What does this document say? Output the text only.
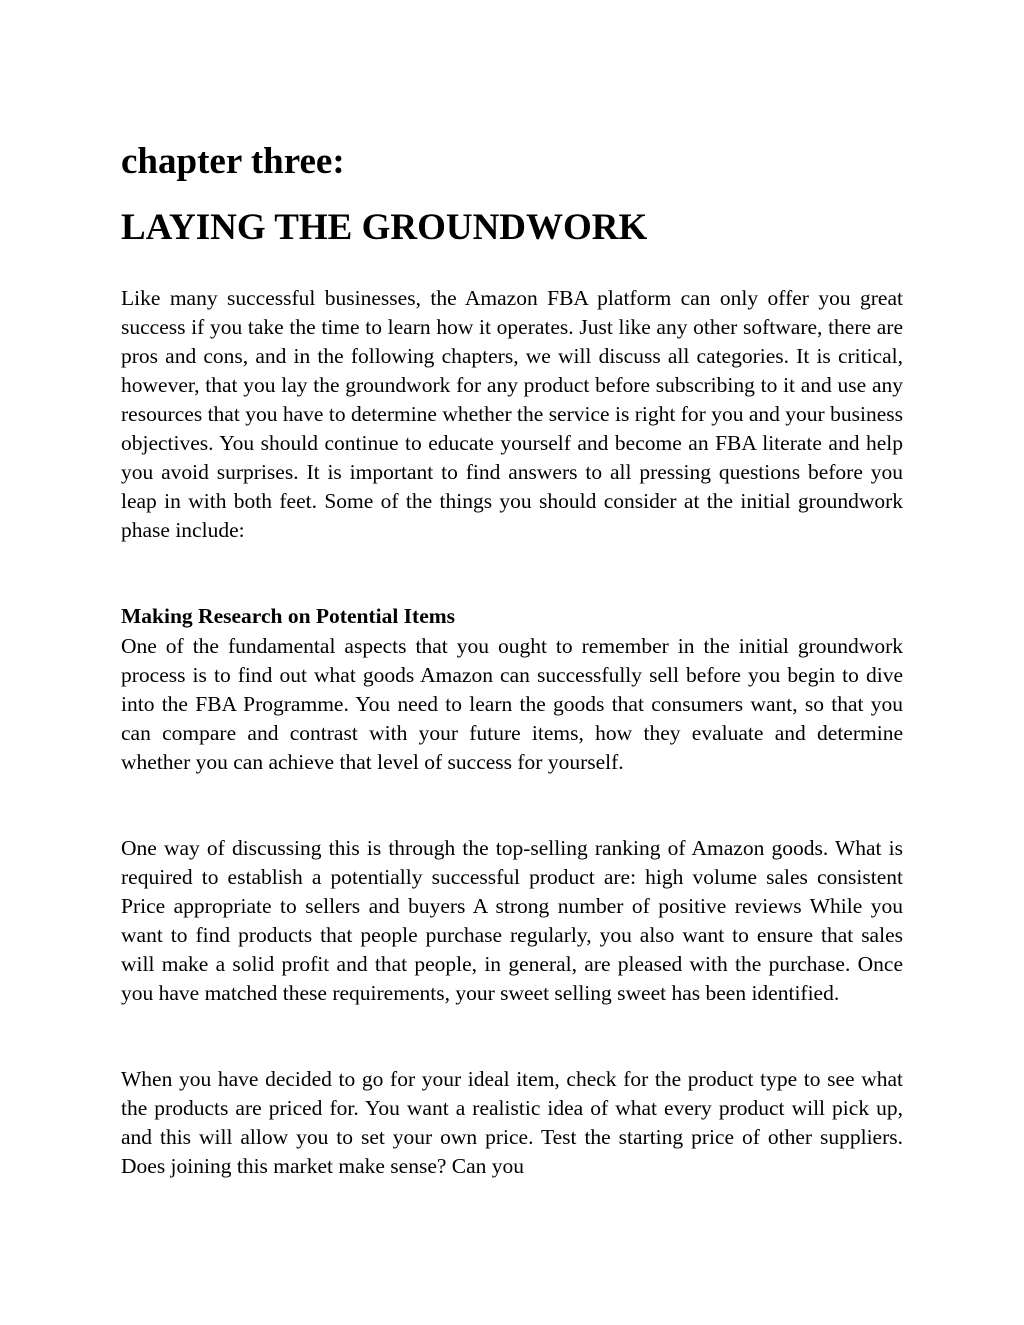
chapter three:
LAYING THE GROUNDWORK

Like many successful businesses, the Amazon FBA platform can only offer you great success if you take the time to learn how it operates. Just like any other software, there are pros and cons, and in the following chapters, we will discuss all categories. It is critical, however, that you lay the groundwork for any product before subscribing to it and use any resources that you have to determine whether the service is right for you and your business objectives. You should continue to educate yourself and become an FBA literate and help you avoid surprises. It is important to find answers to all pressing questions before you leap in with both feet. Some of the things you should consider at the initial groundwork phase include:

Making Research on Potential Items

One of the fundamental aspects that you ought to remember in the initial groundwork process is to find out what goods Amazon can successfully sell before you begin to dive into the FBA Programme. You need to learn the goods that consumers want, so that you can compare and contrast with your future items, how they evaluate and determine whether you can achieve that level of success for yourself.

One way of discussing this is through the top-selling ranking of Amazon goods. What is required to establish a potentially successful product are: high volume sales consistent Price appropriate to sellers and buyers A strong number of positive reviews While you want to find products that people purchase regularly, you also want to ensure that sales will make a solid profit and that people, in general, are pleased with the purchase. Once you have matched these requirements, your sweet selling sweet has been identified.

When you have decided to go for your ideal item, check for the product type to see what the products are priced for. You want a realistic idea of what every product will pick up, and this will allow you to set your own price. Test the starting price of other suppliers. Does joining this market make sense? Can you
